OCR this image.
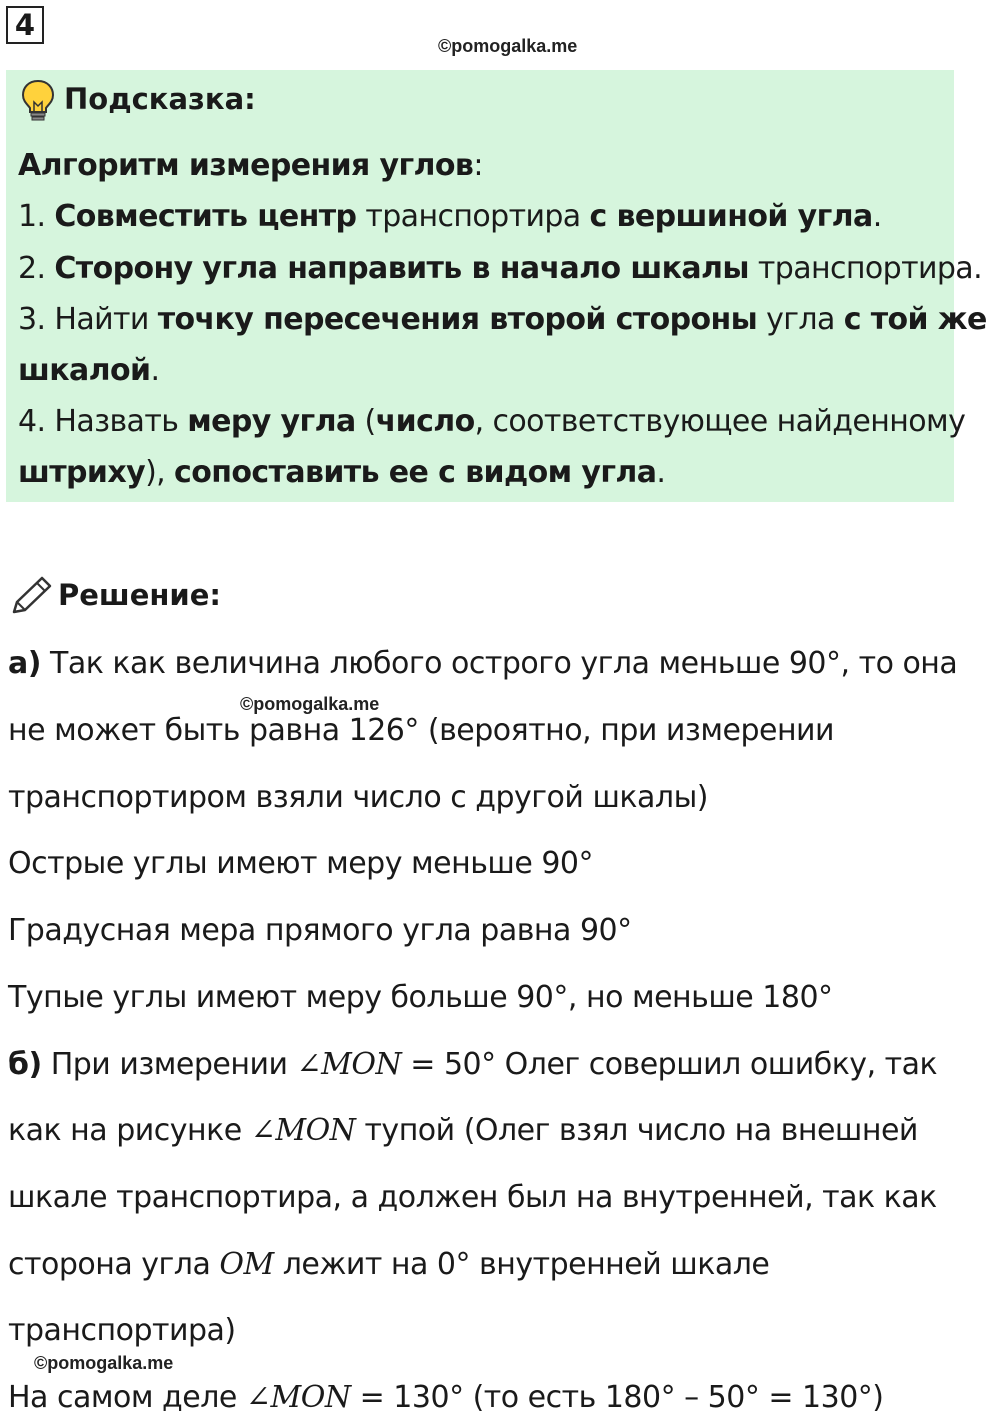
4
©pomogalka.me
Подсказка:
Алгоритм измерения углов:
1. Совместить центр транспортира с вершиной угла.
2. Сторону угла направить в начало шкалы транспортира.
3. Найти точку пересечения второй стороны угла с той же
шкалой.
4. Назвать меру угла (число, соответствующее найденному
штриху), сопоставить ее с видом угла.
Решение:
а) Так как величина любого острого угла меньше 90°, то она
©pomogalka.me
не может быть равна 126° (вероятно, при измерении
транспортиром взяли число с другой шкалы)
Острые углы имеют меру меньше 90°
Градусная мера прямого угла равна 90°
Тупые углы имеют меру больше 90°, но меньше 180°
б) При измерении ∠MON = 50° Олег совершил ошибку, так
как на рисунке ∠MON тупой (Олег взял число на внешней
шкале транспортира, а должен был на внутренней, так как
сторона угла OM лежит на 0° внутренней шкале
транспортира)
©pomogalka.me
На самом деле ∠MON = 130° (то есть 180° – 50° = 130°)
